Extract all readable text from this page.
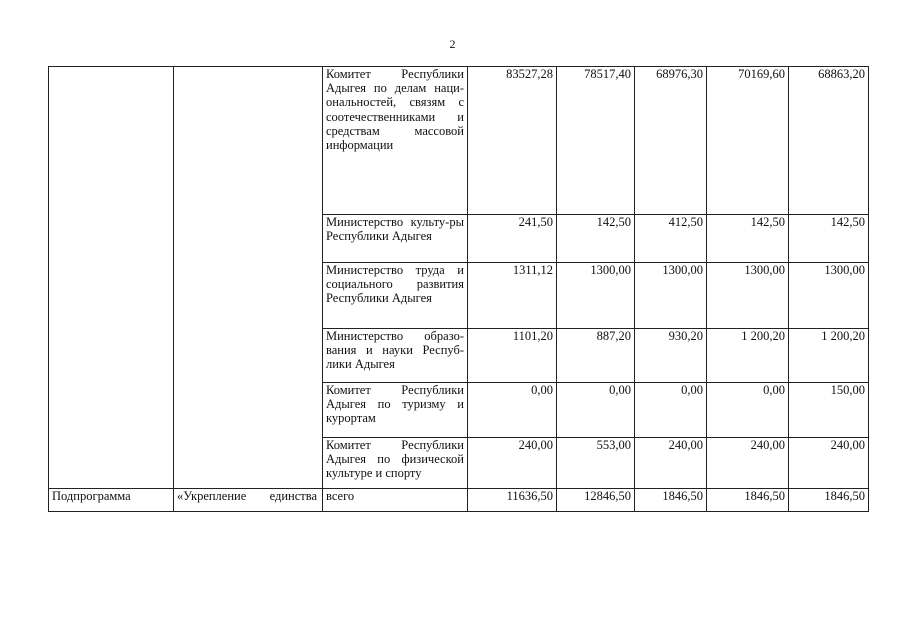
2
		Комитет Республики Адыгея по делам наци-ональностей, связям с соотечественниками и средствам массовой информации	83527,28	78517,40	68976,30	70169,60	68863,20
		Министерство культу-ры Республики Адыгея	241,50	142,50	412,50	142,50	142,50
		Министерство труда и социального развития Республики Адыгея	1311,12	1300,00	1300,00	1300,00	1300,00
		Министерство образо-вания и науки Респуб-лики Адыгея	1101,20	887,20	930,20	1 200,20	1 200,20
		Комитет Республики Адыгея по туризму и курортам	0,00	0,00	0,00	0,00	150,00
		Комитет Республики Адыгея по физической культуре и спорту	240,00	553,00	240,00	240,00	240,00
Подпрограмма	«Укрепление единства	всего	11636,50	12846,50	1846,50	1846,50	1846,50
